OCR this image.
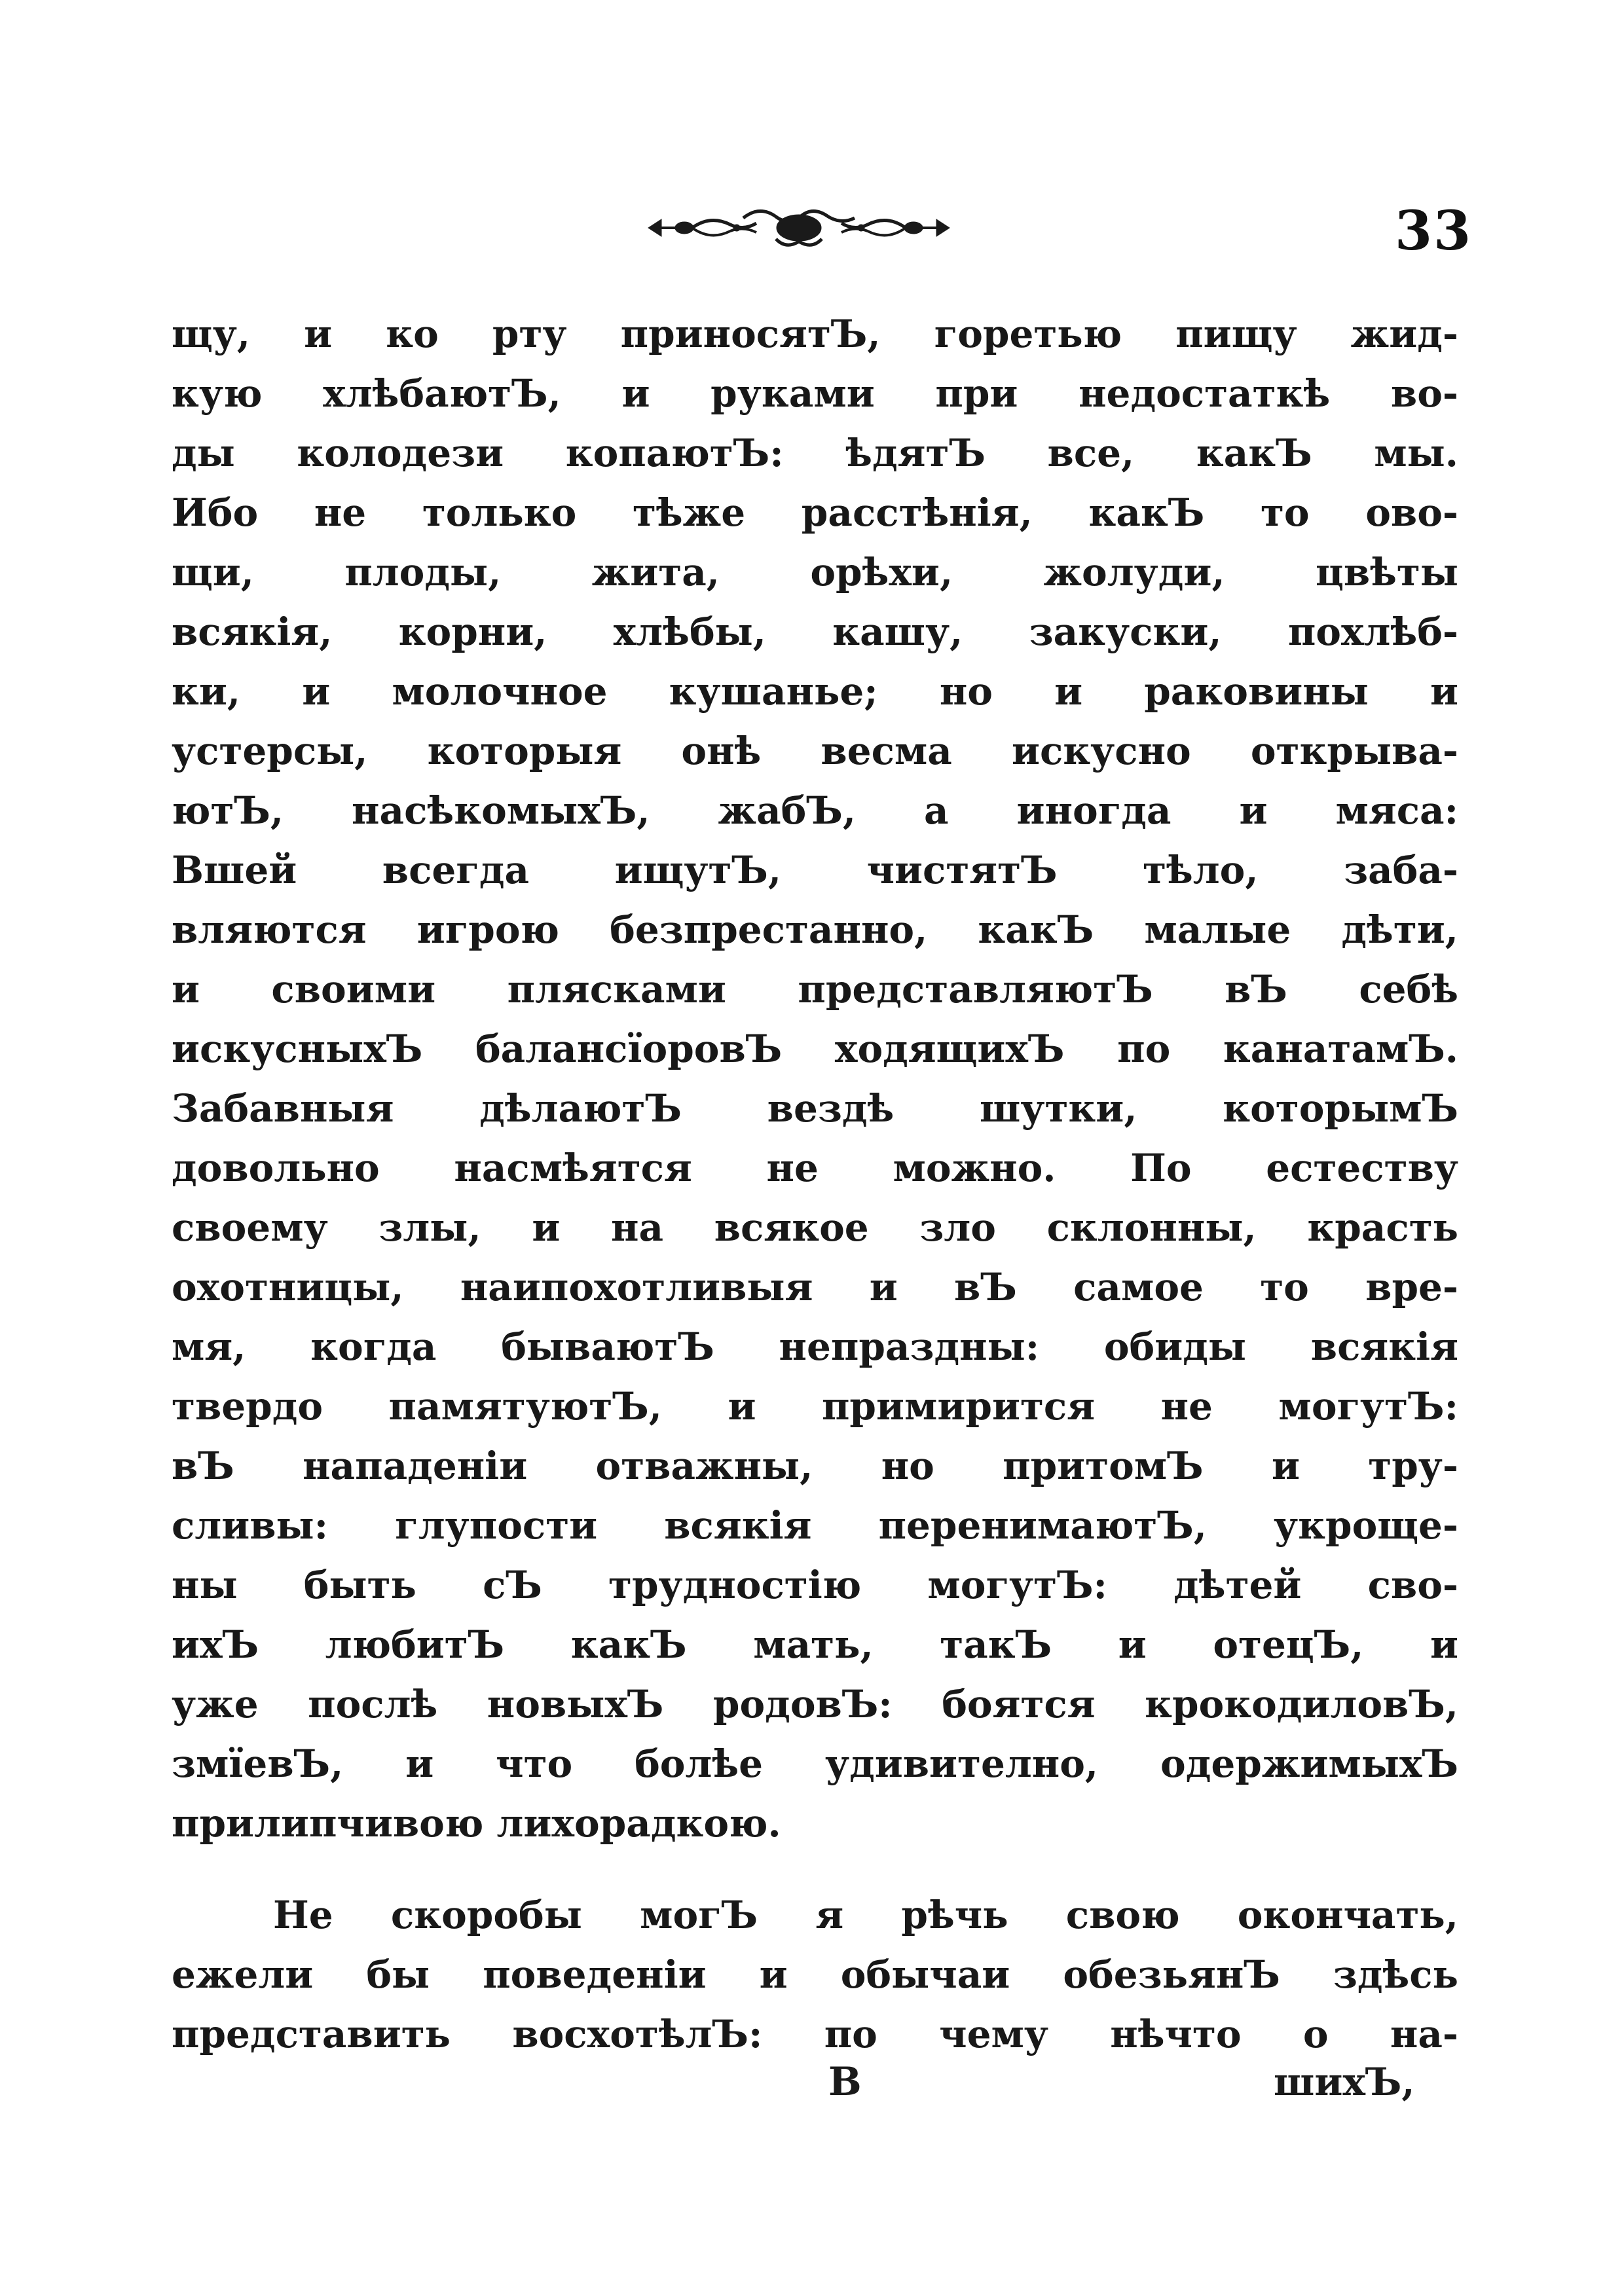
33
щу, и ко рту приносятЪ, горетью пищу жид-
кую хлѣбаютЪ, и руками при недостаткѣ во-
ды колодези копаютЪ: ѣдятЪ все, какЪ мы.
Ибо не только тѣже расстѣнія, какЪ то ово-
щи, плоды, жита, орѣхи, жолуди, цвѣты
всякія, корни, хлѣбы, кашу, закуски, похлѣб-
ки, и молочное кушанье; но и раковины и
устерсы, которыя онѣ весма искусно открыва-
ютЪ, насѣкомыхЪ, жабЪ, а иногда и мяса:
Вшей всегда ищутЪ, чистятЪ тѣло, заба-
вляются игрою безпрестанно, какЪ малые дѣти,
и своими плясками представляютЪ вЪ себѣ
искусныхЪ балансїоровЪ ходящихЪ по канатамЪ.
Забавныя дѣлаютЪ вездѣ шутки, которымЪ
довольно насмѣятся не можно. По естеству
своему злы, и на всякое зло склонны, красть
охотницы, наипохотливыя и вЪ самое то вре-
мя, когда бываютЪ непраздны: обиды всякія
твердо памятуютЪ, и примирится не могутЪ:
вЪ нападеніи отважны, но притомЪ и тру-
сливы: глупости всякія перенимаютЪ, укроще-
ны быть сЪ трудностію могутЪ: дѣтей сво-
ихЪ любитЪ какЪ мать, такЪ и отецЪ, и
уже послѣ новыхЪ родовЪ: боятся крокодиловЪ,
змїевЪ, и что болѣе удивително, одержимыхЪ
прилипчивою лихорадкою.
Не скоробы могЪ я рѣчь свою окончать,
ежели бы поведеніи и обычаи обезьянЪ здѣсь
представить восхотѣлЪ: по чему нѣчто о на-
В	шихЪ,
